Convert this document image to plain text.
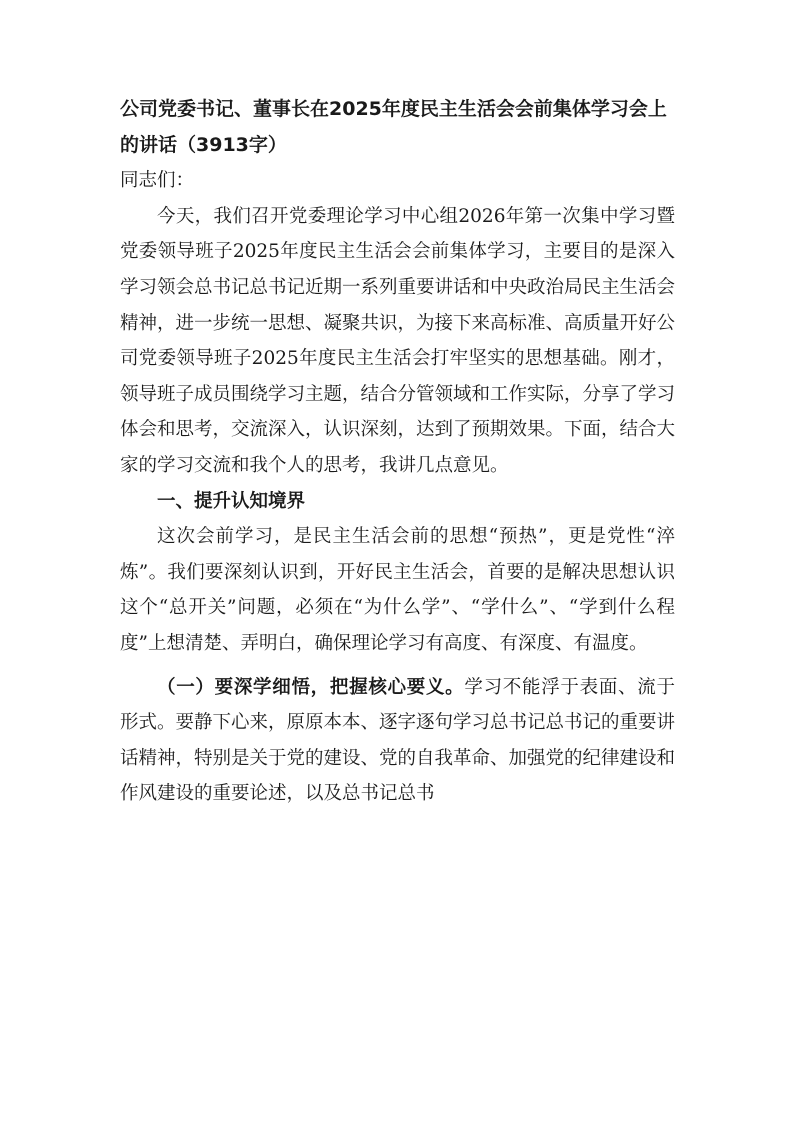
公司党委书记、董事长在2025年度民主生活会会前集体学习会上的讲话（3913字）

同志们：

今天，我们召开党委理论学习中心组2026年第一次集中学习暨党委领导班子2025年度民主生活会会前集体学习，主要目的是深入学习领会总书记总书记近期一系列重要讲话和中央政治局民主生活会精神，进一步统一思想、凝聚共识，为接下来高标准、高质量开好公司党委领导班子2025年度民主生活会打牢坚实的思想基础。刚才，领导班子成员围绕学习主题，结合分管领域和工作实际，分享了学习体会和思考，交流深入，认识深刻，达到了预期效果。下面，结合大家的学习交流和我个人的思考，我讲几点意见。

一、提升认知境界

这次会前学习，是民主生活会前的思想“预热”，更是党性“淬炼”。我们要深刻认识到，开好民主生活会，首要的是解决思想认识这个“总开关”问题，必须在“为什么学”、“学什么”、“学到什么程度”上想清楚、弄明白，确保理论学习有高度、有深度、有温度。

（一）要深学细悟，把握核心要义。学习不能浮于表面、流于形式。要静下心来，原原本本、逐字逐句学习总书记总书记的重要讲话精神，特别是关于党的建设、党的自我革命、加强党的纪律建设和作风建设的重要论述，以及总书记总书
